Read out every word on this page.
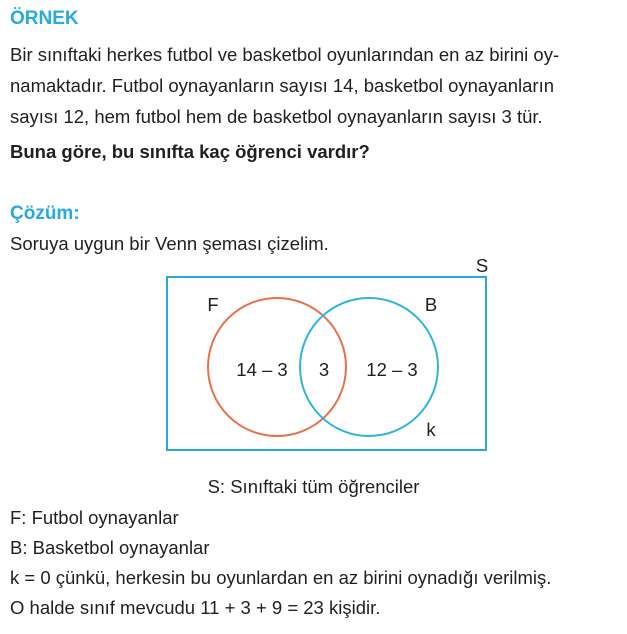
ÖRNEK

Bir sınıftaki herkes futbol ve basketbol oyunlarından en az birini oy-

namaktadır. Futbol oynayanların sayısı 14, basketbol oynayanların

sayısı 12, hem futbol hem de basketbol oynayanların sayısı 3 tür.

Buna göre, bu sınıfta kaç öğrenci vardır?

Çözüm:

Soruya uygun bir Venn şeması çizelim.

S
F	B
14 – 3 3 12 – 3
k

S: Sınıftaki tüm öğrenciler

F: Futbol oynayanlar

B: Basketbol oynayanlar

k = 0 çünkü, herkesin bu oyunlardan en az birini oynadığı verilmiş.

O halde sınıf mevcudu 11 + 3 + 9 = 23 kişidir.
